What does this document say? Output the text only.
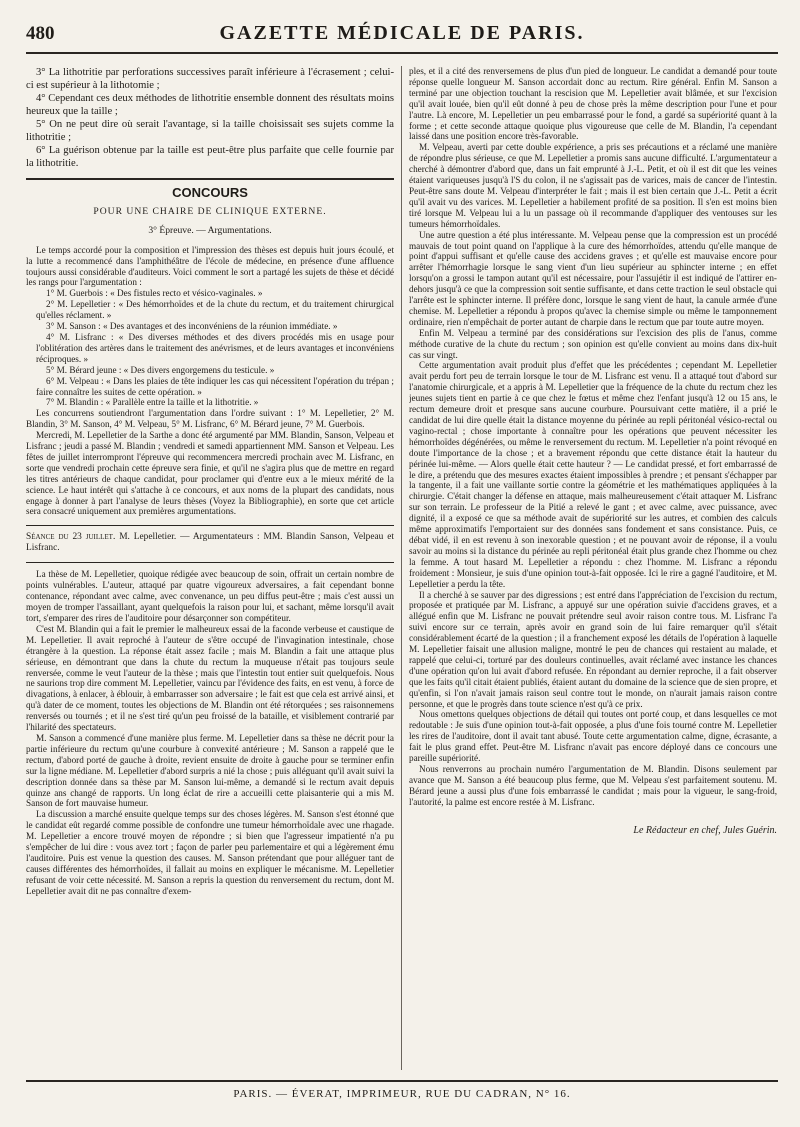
480	GAZETTE MÉDICALE DE PARIS.

3° La lithotritie par perforations successives paraît inférieure à l'écrasement ; celui-ci est supérieur à la lithotomie ;

4° Cependant ces deux méthodes de lithotritie ensemble donnent des résultats moins heureux que la taille ;

5° On ne peut dire où serait l'avantage, si la taille choisissait ses sujets comme la lithotritie ;

6° La guérison obtenue par la taille est peut-être plus parfaite que celle fournie par la lithotritie.

CONCOURS
POUR UNE CHAIRE DE CLINIQUE EXTERNE.
3° Épreuve. — Argumentations.

Le temps accordé pour la composition et l'impression des thèses est depuis huit jours écoulé, et la lutte a recommencé dans l'amphithéâtre de l'école de médecine, en présence d'une affluence toujours aussi considérable d'auditeurs. Voici comment le sort a partagé les sujets de thèse et décidé les rangs pour l'argumentation :

1° M. Guerbois : « Des fistules recto et vésico-vaginales. »

2° M. Lepelletier : « Des hémorrhoïdes et de la chute du rectum, et du traitement chirurgical qu'elles réclament. »

3° M. Sanson : « Des avantages et des inconvéniens de la réunion immédiate. »

4° M. Lisfranc : « Des diverses méthodes et des divers procédés mis en usage pour l'oblitération des artères dans le traitement des anévrismes, et de leurs avantages et inconvéniens réciproques. »

5° M. Bérard jeune : « Des divers engorgemens du testicule. »

6° M. Velpeau : « Dans les plaies de tête indiquer les cas qui nécessitent l'opération du trépan ; faire connaître les suites de cette opération. »

7° M. Blandin : « Parallèle entre la taille et la lithotritie. »

Les concurrens soutiendront l'argumentation dans l'ordre suivant : 1° M. Lepelletier, 2° M. Blandin, 3° M. Sanson, 4° M. Velpeau, 5° M. Lisfranc, 6° M. Bérard jeune, 7° M. Guerbois.

Mercredi, M. Lepelletier de la Sarthe a donc été argumenté par MM. Blandin, Sanson, Velpeau et Lisfranc ; jeudi a passé M. Blandin ; vendredi et samedi appartiennent MM. Sanson et Velpeau. Les fêtes de juillet interrompront l'épreuve qui recommencera mercredi prochain avec M. Lisfranc, en sorte que vendredi prochain cette épreuve sera finie, et qu'il ne s'agira plus que de mettre en regard les titres antérieurs de chaque candidat, pour proclamer qui d'entre eux a le mieux mérité de la science. Le haut intérêt qui s'attache à ce concours, et aux noms de la plupart des candidats, nous engage à donner à part l'analyse de leurs thèses (Voyez la Bibliographie), en sorte que cet article sera consacré uniquement aux premières argumentations.

Séance du 23 juillet. M. Lepelletier. — Argumentateurs : MM. Blandin Sanson, Velpeau et Lisfranc.

La thèse de M. Lepelletier, quoique rédigée avec beaucoup de soin, offrait un certain nombre de points vulnérables. L'auteur, attaqué par quatre vigoureux adversaires, a fait cependant bonne contenance, répondant avec calme, avec convenance, un peu diffus peut-être ; mais c'est aussi un moyen de tromper l'assaillant, ayant quelquefois la raison pour lui, et sachant, même lorsqu'il avait tort, s'emparer des rires de l'auditoire pour désarçonner son compétiteur.

C'est M. Blandin qui a fait le premier le malheureux essai de la faconde verbeuse et caustique de M. Lepelletier. Il avait reproché à l'auteur de s'être occupé de l'invagination intestinale, chose étrangère à la question. La réponse était assez facile ; mais M. Blandin a fait une attaque plus sérieuse, en démontrant que dans la chute du rectum la muqueuse n'était pas toujours seule renversée, comme le veut l'auteur de la thèse ; mais que l'intestin tout entier suit quelquefois. Nous ne saurions trop dire comment M. Lepelletier, vaincu par l'évidence des faits, en est venu, à force de divagations, à enlacer, à éblouir, à embarrasser son adversaire ; le fait est que cela est arrivé ainsi, et qu'à dater de ce moment, toutes les objections de M. Blandin ont été rétorquées ; ses raisonnemens renversés ou tournés ; et il ne s'est tiré qu'un peu froissé de la bataille, et visiblement contrarié par l'hilarité des spectateurs.

M. Sanson a commencé d'une manière plus ferme. M. Lepelletier dans sa thèse ne décrit pour la partie inférieure du rectum qu'une courbure à convexité antérieure ; M. Sanson a rappelé que le rectum, d'abord porté de gauche à droite, revient ensuite de droite à gauche pour se terminer enfin sur la ligne médiane. M. Lepelletier d'abord surpris a nié la chose ; puis alléguant qu'il avait suivi la description donnée dans sa thèse par M. Sanson lui-même, a demandé si le rectum avait depuis quinze ans changé de rapports. Un long éclat de rire a accueilli cette plaisanterie qui a mis M. Sanson de fort mauvaise humeur.

La discussion a marché ensuite quelque temps sur des choses légères. M. Sanson s'est étonné que le candidat eût regardé comme possible de confondre une tumeur hémorrhoïdale avec une rhagade. M. Lepelletier a encore trouvé moyen de répondre ; si bien que l'agresseur impatienté n'a pu s'empêcher de lui dire : vous avez tort ; façon de parler peu parlementaire et qui a légèrement ému l'auditoire. Puis est venue la question des causes. M. Sanson prétendant que pour alléguer tant de causes différentes des hémorrhoïdes, il fallait au moins en expliquer le mécanisme. M. Lepelletier refusant de voir cette nécessité. M. Sanson a repris la question du renversement du rectum, dont M. Lepelletier avait dit ne pas connaître d'exem-

ples, et il a cité des renversemens de plus d'un pied de longueur. Le candidat a demandé pour toute réponse quelle longueur M. Sanson accordait donc au rectum. Rire général. Enfin M. Sanson a terminé par une objection touchant la rescision que M. Lepelletier avait blâmée, et sur l'excision qu'il avait louée, bien qu'il eût donné à peu de chose près la même description pour l'une et pour l'autre. Là encore, M. Lepelletier un peu embarrassé pour le fond, a gardé sa supériorité quant à la forme ; et cette seconde attaque quoique plus vigoureuse que celle de M. Blandin, l'a cependant laissé dans une position encore très-favorable.

M. Velpeau, averti par cette double expérience, a pris ses précautions et a réclamé une manière de répondre plus sérieuse, ce que M. Lepelletier a promis sans aucune difficulté. L'argumentateur a cherché à démontrer d'abord que, dans un fait emprunté à J.-L. Petit, et où il est dit que les veines étaient variqueuses jusqu'à l'S du colon, il ne s'agissait pas de varices, mais de cancer de l'intestin. Peut-être sans doute M. Velpeau d'interpréter le fait ; mais il est bien certain que J.-L. Petit a écrit qu'il avait vu des varices. M. Lepelletier a habilement profité de sa position. Il s'en est moins bien tiré lorsque M. Velpeau lui a lu un passage où il recommande d'appliquer des ventouses sur les tumeurs hémorrhoïdales.

Une autre question a été plus intéressante. M. Velpeau pense que la compression est un procédé mauvais de tout point quand on l'applique à la cure des hémorrhoïdes, attendu qu'elle manque de point d'appui suffisant et qu'elle cause des accidens graves ; et qu'elle est mauvaise encore pour arrêter l'hémorrhagie lorsque le sang vient d'un lieu supérieur au sphincter interne ; en effet lorsqu'on a grossi le tampon autant qu'il est nécessaire, pour l'assujétir il est indiqué de l'attirer en-dehors jusqu'à ce que la compression soit sentie suffisante, et dans cette traction le seul obstacle qui l'arrête est le sphincter interne. Il préfère donc, lorsque le sang vient de haut, la canule armée d'une chemise. M. Lepelletier a répondu à propos qu'avec la chemise simple ou même le tamponnement ordinaire, rien n'empêchait de porter autant de charpie dans le rectum que par toute autre moyen.

Enfin M. Velpeau a terminé par des considérations sur l'excision des plis de l'anus, comme méthode curative de la chute du rectum ; son opinion est qu'elle convient au moins dans dix-huit cas sur vingt.

Cette argumentation avait produit plus d'effet que les précédentes ; cependant M. Lepelletier avait perdu fort peu de terrain lorsque le tour de M. Lisfranc est venu. Il a attaqué tout d'abord sur l'anatomie chirurgicale, et a appris à M. Lepelletier que la fréquence de la chute du rectum chez les jeunes sujets tient en partie à ce que chez le fœtus et même chez l'enfant jusqu'à 12 ou 15 ans, le rectum demeure droit et presque sans aucune courbure. Poursuivant cette matière, il a prié le candidat de lui dire quelle était la distance moyenne du périnée au repli péritonéal vésico-rectal ou vagino-rectal ; chose importante à connaître pour les opérations que peuvent nécessiter les hémorrhoïdes dégénérées, ou même le renversement du rectum. M. Lepelletier n'a point révoqué en doute l'importance de la chose ; et a bravement répondu que cette distance était la hauteur du périnée lui-même. — Alors quelle était cette hauteur ? — Le candidat pressé, et fort embarrassé de le dire, a prétendu que des mesures exactes étaient impossibles à prendre ; et pensant s'échapper par la tangente, il a fait une vaillante sortie contre la géométrie et les mathématiques appliquées à la chirurgie. C'était changer la défense en attaque, mais malheureusement c'était attaquer M. Lisfranc sur son terrain. Le professeur de la Pitié a relevé le gant ; et avec calme, avec puissance, avec dignité, il a exposé ce que sa méthode avait de supériorité sur les autres, et combien des calculs même approximatifs l'emportaient sur des données sans fondement et sans consistance. Puis, ce débat vidé, il en est revenu à son inexorable question ; et ne pouvant avoir de réponse, il a voulu savoir au moins si la distance du périnée au repli péritonéal était plus grande chez l'homme ou chez la femme. A tout hasard M. Lepelletier a répondu : chez l'homme. M. Lisfranc a répondu froidement : Monsieur, je suis d'une opinion tout-à-fait opposée. Ici le rire a gagné l'auditoire, et M. Lepelletier a perdu la tête.

Il a cherché à se sauver par des digressions ; est entré dans l'appréciation de l'excision du rectum, proposée et pratiquée par M. Lisfranc, a appuyé sur une opération suivie d'accidens graves, et a allégué enfin que M. Lisfranc ne pouvait prétendre seul avoir raison contre tous. M. Lisfranc l'a suivi encore sur ce terrain, après avoir en grand soin de lui faire remarquer qu'il s'était considérablement écarté de la question ; il a franchement exposé les détails de l'opération à laquelle M. Lepelletier faisait une allusion maligne, montré le peu de chances qui restaient au malade, et rappelé que celui-ci, torturé par des douleurs continuelles, avait réclamé avec instance les chances d'une opération qu'on lui avait d'abord refusée. En répondant au dernier reproche, il a fait observer que les faits qu'il citait étaient publiés, étaient autant du domaine de la science que de sien propre, et qu'enfin, si l'on n'avait jamais raison seul contre tout le monde, on n'aurait jamais raison contre personne, et que le progrès dans toute science n'est qu'à ce prix.

Nous omettons quelques objections de détail qui toutes ont porté coup, et dans lesquelles ce mot redoutable : Je suis d'une opinion tout-à-fait opposée, a plus d'une fois tourné contre M. Lepelletier les rires de l'auditoire, dont il avait tant abusé. Toute cette argumentation calme, digne, écrasante, a fait le plus grand effet. Peut-être M. Lisfranc n'avait pas encore déployé dans ce concours une pareille supériorité.

Nous renverrons au prochain numéro l'argumentation de M. Blandin. Disons seulement par avance que M. Sanson a été beaucoup plus ferme, que M. Velpeau s'est parfaitement soutenu. M. Bérard jeune a aussi plus d'une fois embarrassé le candidat ; mais pour la vigueur, le sang-froid, l'autorité, la palme est encore restée à M. Lisfranc.

Le Rédacteur en chef, Jules Guérin.
PARIS. — ÉVERAT, IMPRIMEUR, RUE DU CADRAN, N° 16.
